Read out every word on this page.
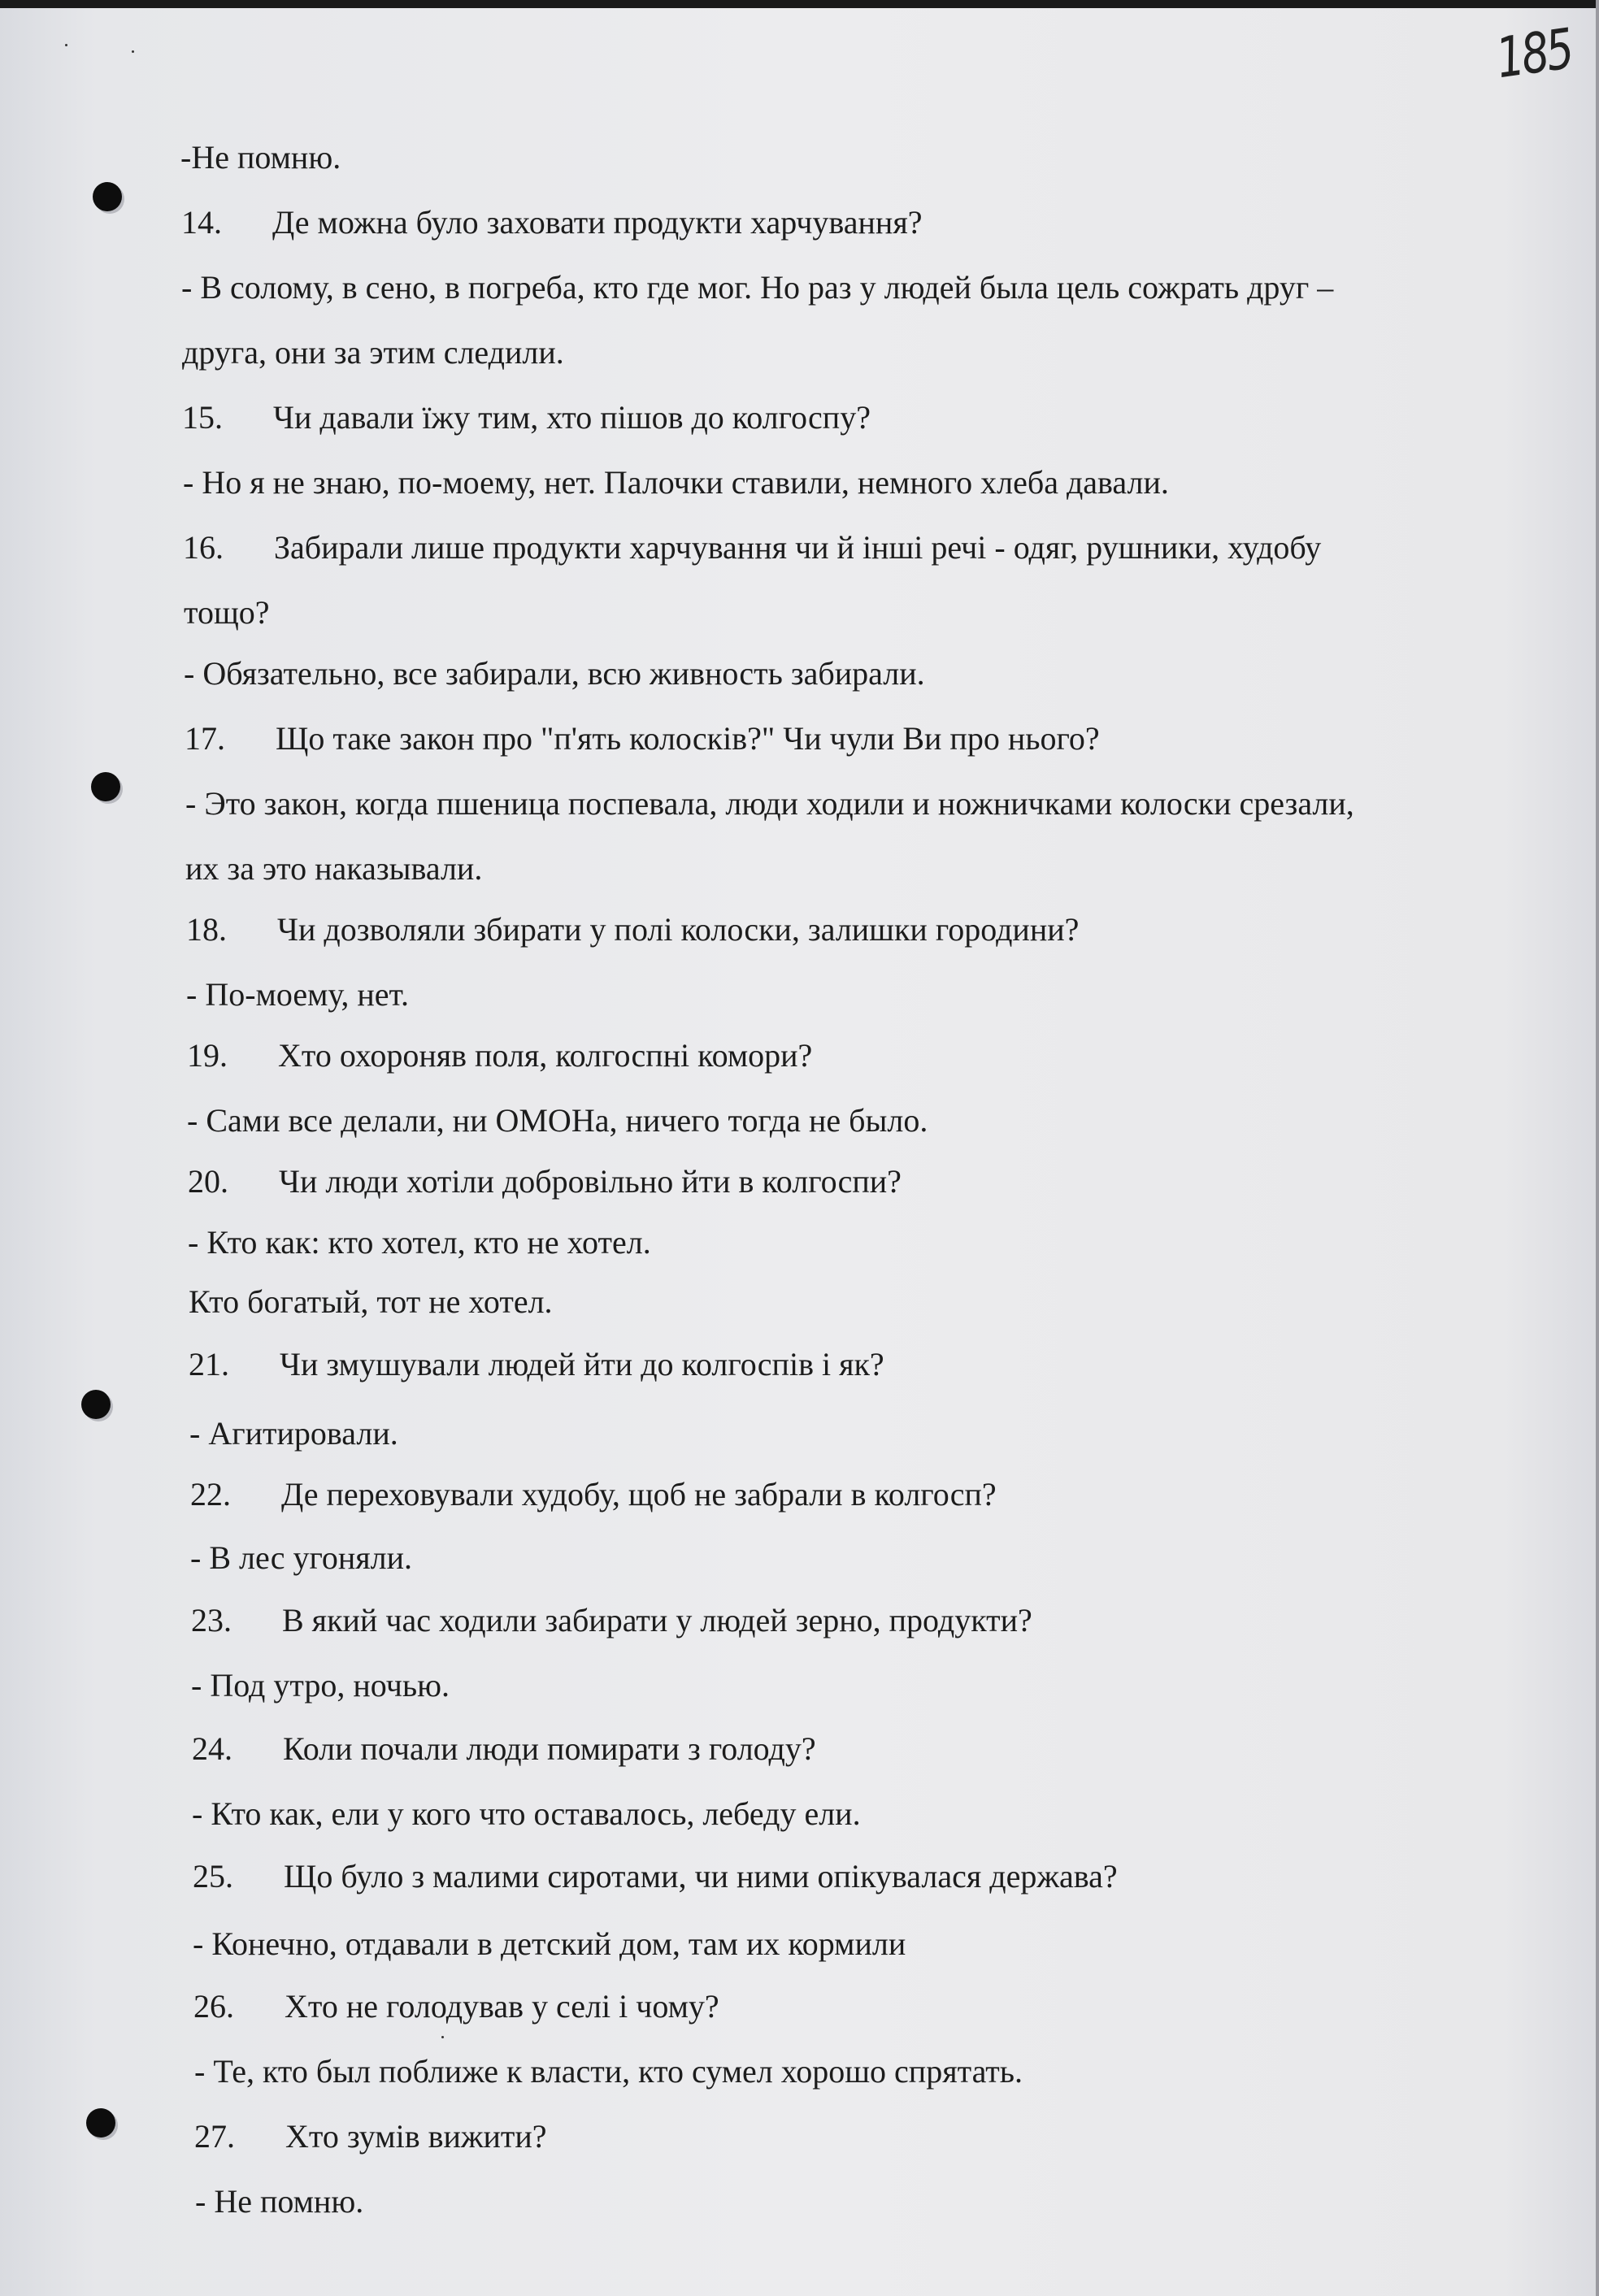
185
-Не помню.
14. Де можна було заховати продукти харчування?
- В солому, в сено, в погреба, кто где мог. Но раз у людей была цель сожрать друг –
друга, они за этим следили.
15. Чи давали їжу тим, хто пішов до колгоспу?
- Но я не знаю, по-моему, нет. Палочки ставили, немного хлеба давали.
16. Забирали лише продукти харчування чи й інші речі - одяг, рушники, худобу
тощо?
- Обязательно, все забирали, всю живность забирали.
17. Що таке закон про "п'ять колосків?" Чи чули Ви про нього?
- Это закон, когда пшеница поспевала, люди ходили и ножничками колоски срезали,
их за это наказывали.
18. Чи дозволяли збирати у полі колоски, залишки городини?
- По-моему, нет.
19. Хто охороняв поля, колгоспні комори?
- Сами все делали, ни ОМОНа, ничего тогда не было.
20. Чи люди хотіли добровільно йти в колгоспи?
- Кто как: кто хотел, кто не хотел.
Кто богатый, тот не хотел.
21. Чи змушували людей йти до колгоспів і як?
- Агитировали.
22. Де переховували худобу, щоб не забрали в колгосп?
- В лес угоняли.
23. В який час ходили забирати у людей зерно, продукти?
- Под утро, ночью.
24. Коли почали люди помирати з голоду?
- Кто как, ели у кого что оставалось, лебеду ели.
25. Що було з малими сиротами, чи ними опікувалася держава?
- Конечно, отдавали в детский дом, там их кормили
26. Хто не голодував у селі і чому?
- Те, кто был поближе к власти, кто сумел хорошо спрятать.
27. Хто зумів вижити?
- Не помню.
